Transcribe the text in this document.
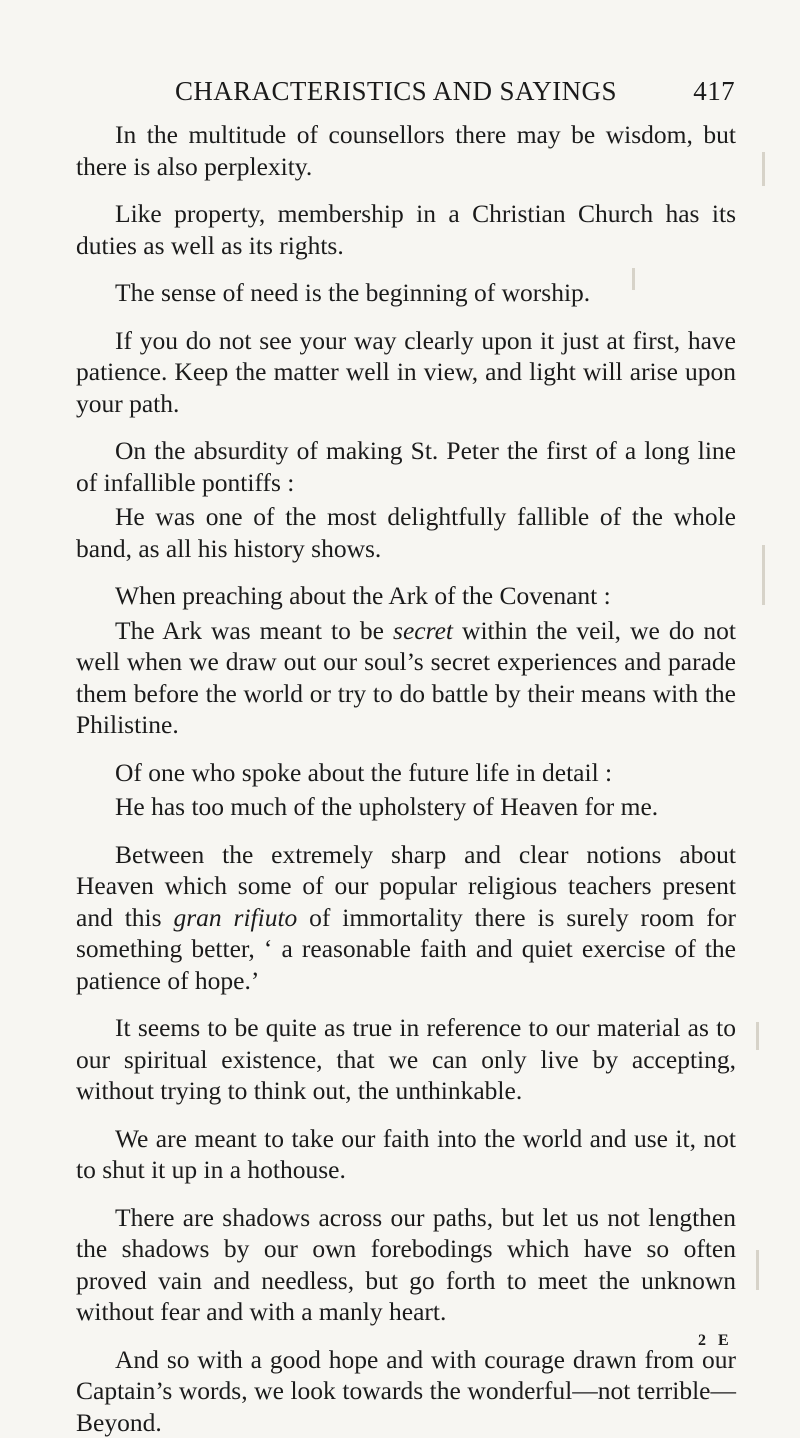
CHARACTERISTICS AND SAYINGS	417

In the multitude of counsellors there may be wisdom, but there is also perplexity.

Like property, membership in a Christian Church has its duties as well as its rights.

The sense of need is the beginning of worship.

If you do not see your way clearly upon it just at first, have patience. Keep the matter well in view, and light will arise upon your path.

On the absurdity of making St. Peter the first of a long line of infallible pontiffs :

He was one of the most delightfully fallible of the whole band, as all his history shows.

When preaching about the Ark of the Covenant :

The Ark was meant to be secret within the veil, we do not well when we draw out our soul’s secret experiences and parade them before the world or try to do battle by their means with the Philistine.

Of one who spoke about the future life in detail :

He has too much of the upholstery of Heaven for me.

Between the extremely sharp and clear notions about Heaven which some of our popular religious teachers present and this gran rifiuto of immortality there is surely room for something better, ‘ a reasonable faith and quiet exercise of the patience of hope.’

It seems to be quite as true in reference to our material as to our spiritual existence, that we can only live by accepting, without trying to think out, the unthinkable.

We are meant to take our faith into the world and use it, not to shut it up in a hothouse.

There are shadows across our paths, but let us not lengthen the shadows by our own forebodings which have so often proved vain and needless, but go forth to meet the unknown without fear and with a manly heart.

And so with a good hope and with courage drawn from our Captain’s words, we look towards the wonderful—not terrible—Beyond.

2 E
